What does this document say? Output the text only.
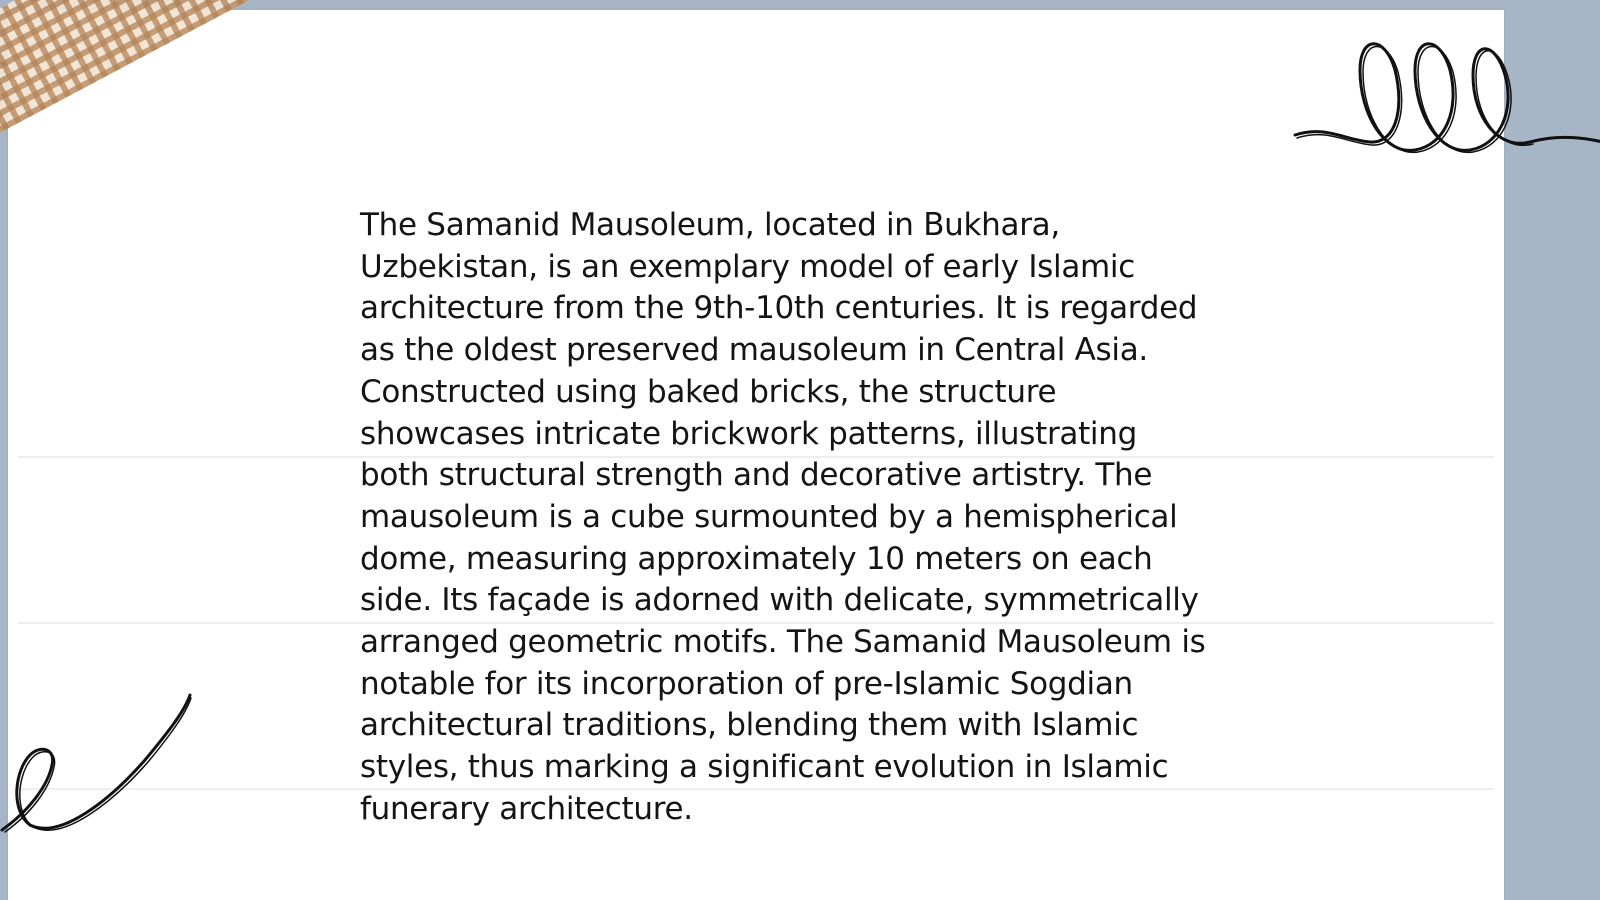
The Samanid Mausoleum, located in Bukhara, Uzbekistan, is an exemplary model of early Islamic architecture from the 9th-10th centuries. It is regarded as the oldest preserved mausoleum in Central Asia. Constructed using baked bricks, the structure showcases intricate brickwork patterns, illustrating both structural strength and decorative artistry. The mausoleum is a cube surmounted by a hemispherical dome, measuring approximately 10 meters on each side. Its façade is adorned with delicate, symmetrically arranged geometric motifs. The Samanid Mausoleum is notable for its incorporation of pre-Islamic Sogdian architectural traditions, blending them with Islamic styles, thus marking a significant evolution in Islamic funerary architecture.
